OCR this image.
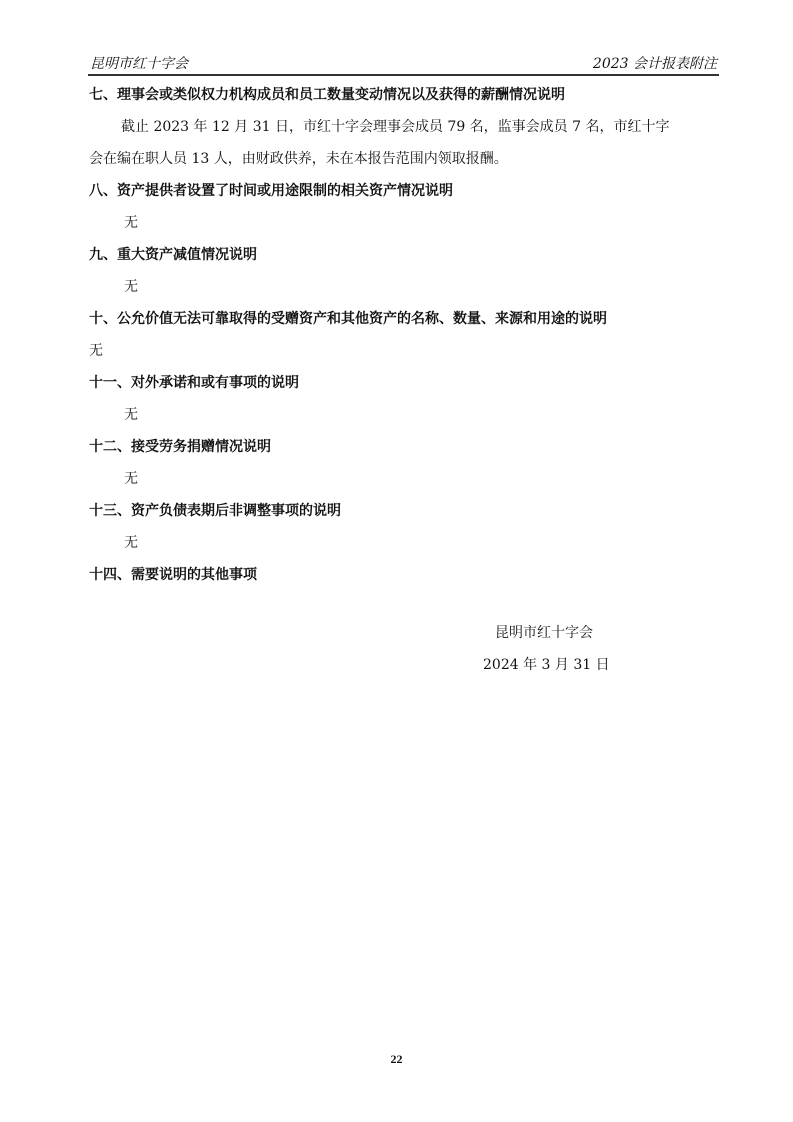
昆明市红十字会	2023 会计报表附注
七、理事会或类似权力机构成员和员工数量变动情况以及获得的薪酬情况说明
截止 2023 年 12 月 31 日，市红十字会理事会成员 79 名，监事会成员 7 名，市红十字
会在编在职人员 13 人，由财政供养，未在本报告范围内领取报酬。
八、资产提供者设置了时间或用途限制的相关资产情况说明
无
九、重大资产减值情况说明
无
十、公允价值无法可靠取得的受赠资产和其他资产的名称、数量、来源和用途的说明
无
十一、对外承诺和或有事项的说明
无
十二、接受劳务捐赠情况说明
无
十三、资产负债表期后非调整事项的说明
无
十四、需要说明的其他事项
昆明市红十字会
2024 年 3 月 31 日
22
